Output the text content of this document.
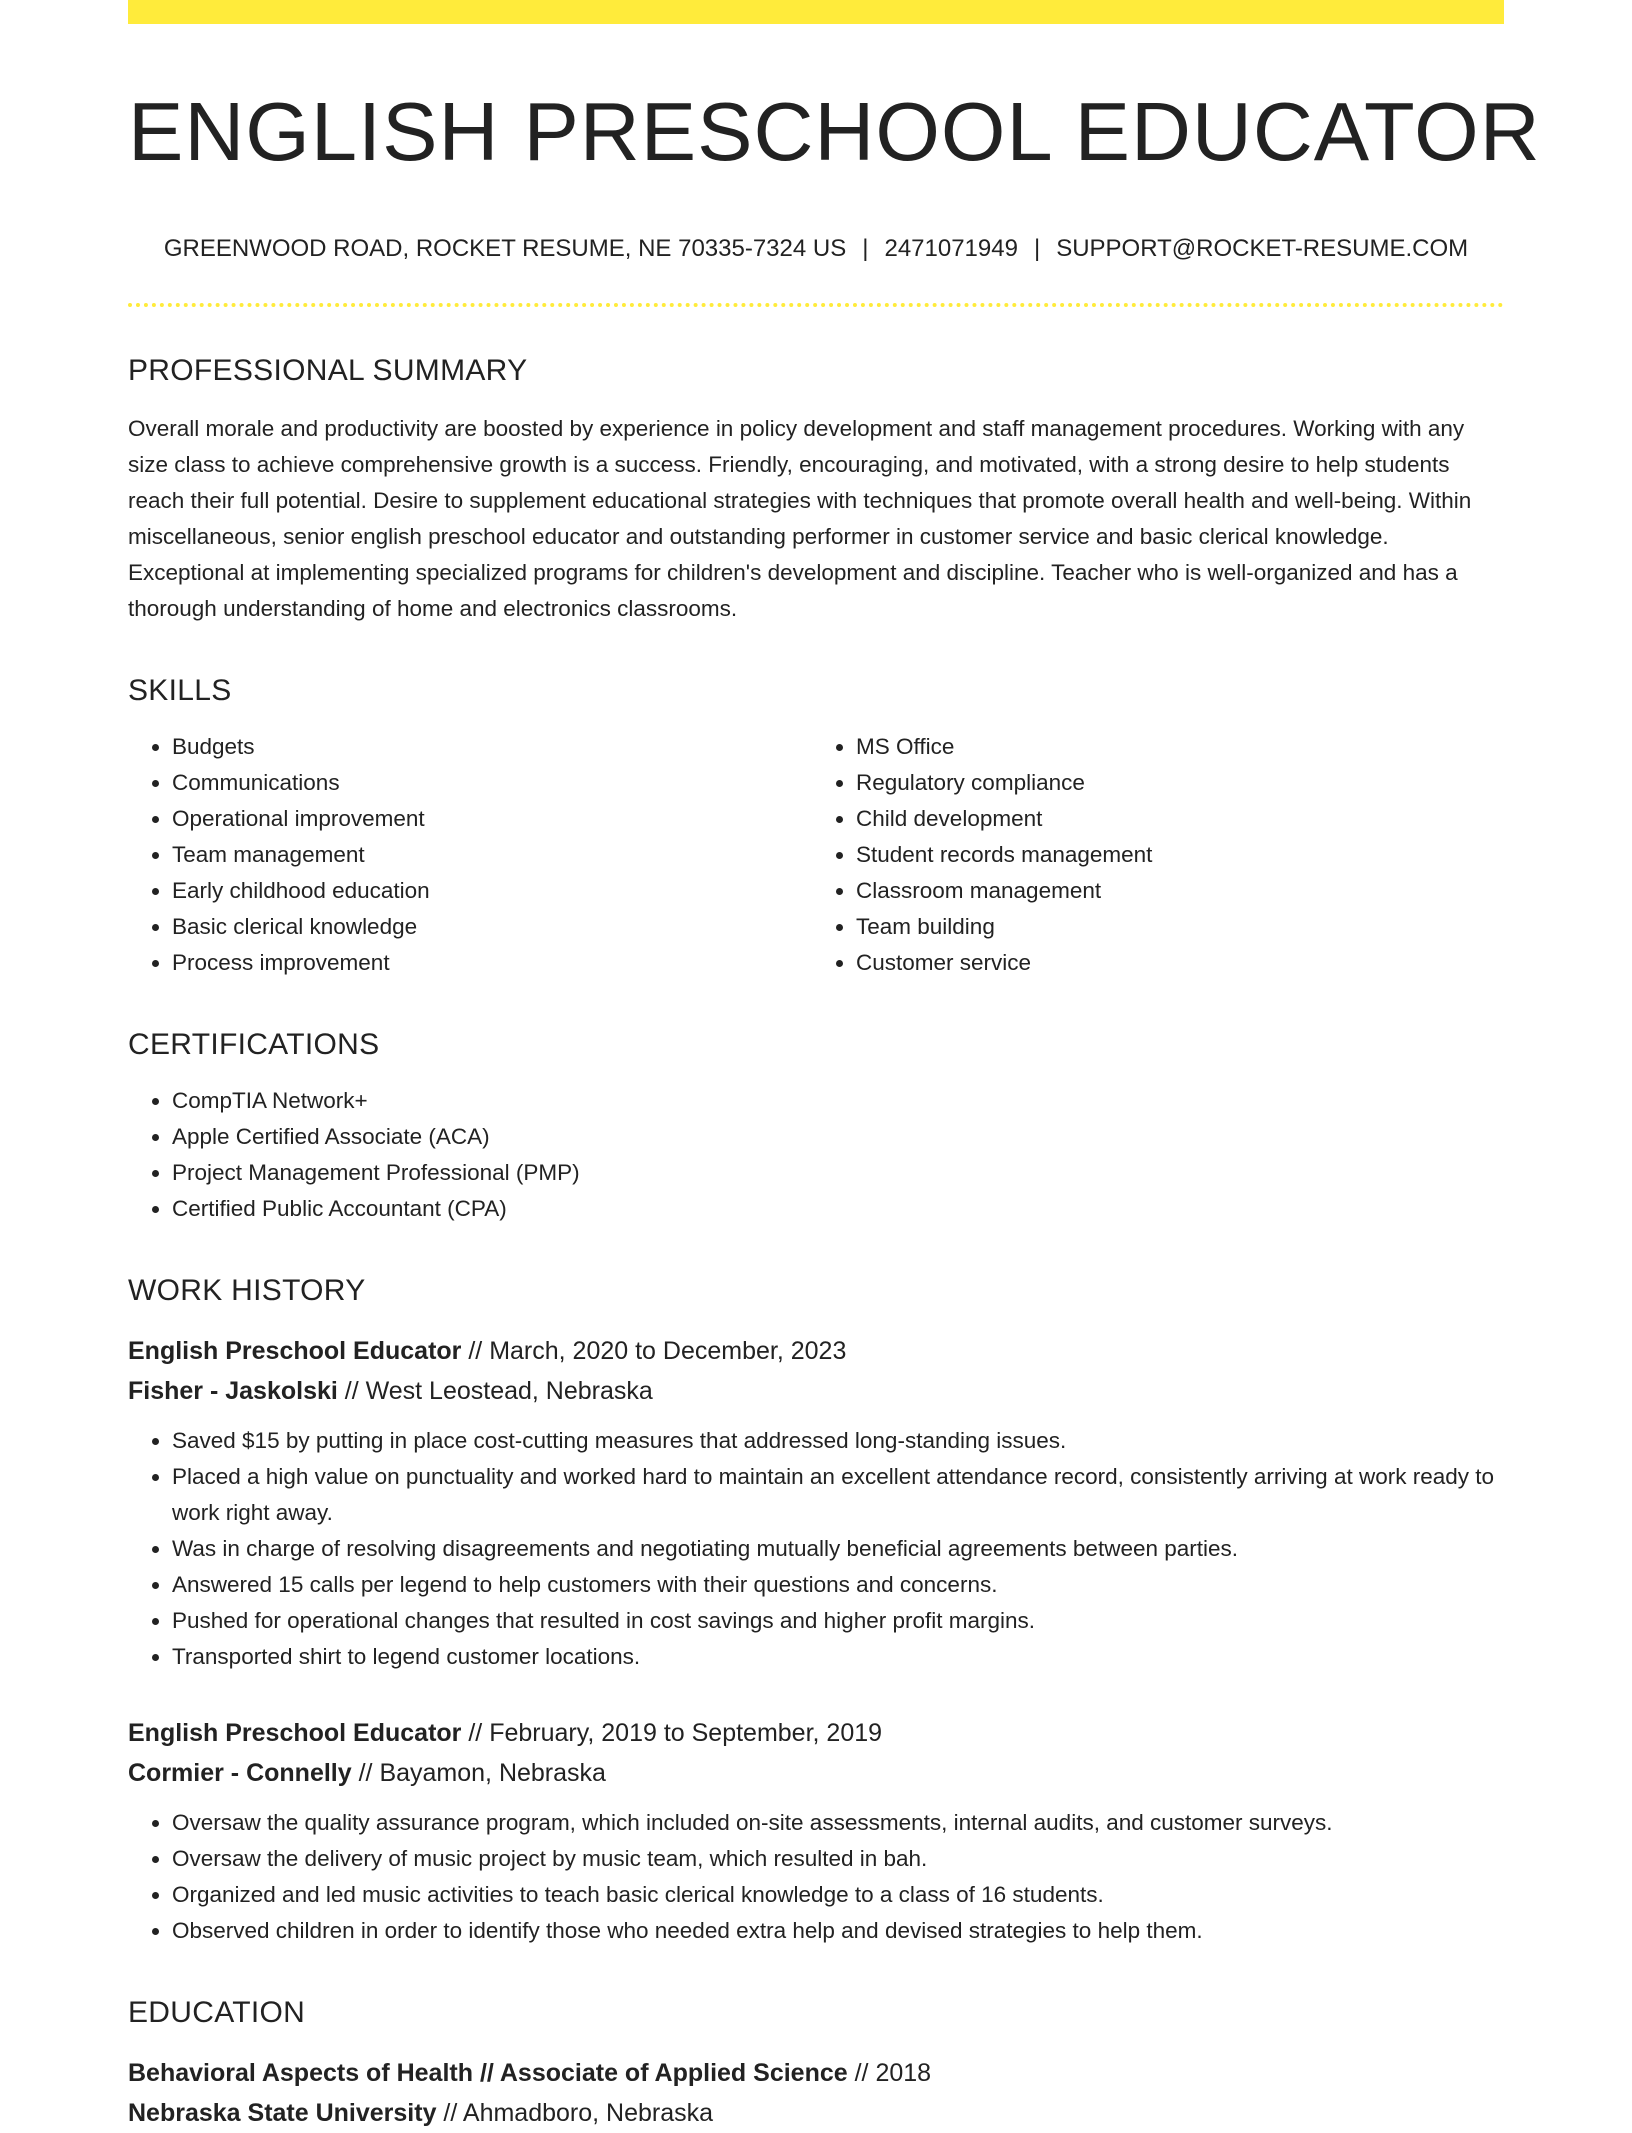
ENGLISH PRESCHOOL EDUCATOR
GREENWOOD ROAD, ROCKET RESUME, NE 70335-7324 US | 2471071949 | SUPPORT@ROCKET-RESUME.COM
PROFESSIONAL SUMMARY
Overall morale and productivity are boosted by experience in policy development and staff management procedures. Working with any size class to achieve comprehensive growth is a success. Friendly, encouraging, and motivated, with a strong desire to help students reach their full potential. Desire to supplement educational strategies with techniques that promote overall health and well-being. Within miscellaneous, senior english preschool educator and outstanding performer in customer service and basic clerical knowledge. Exceptional at implementing specialized programs for children's development and discipline. Teacher who is well-organized and has a thorough understanding of home and electronics classrooms.
SKILLS
• Budgets
• Communications
• Operational improvement
• Team management
• Early childhood education
• Basic clerical knowledge
• Process improvement
• MS Office
• Regulatory compliance
• Child development
• Student records management
• Classroom management
• Team building
• Customer service
CERTIFICATIONS
• CompTIA Network+
• Apple Certified Associate (ACA)
• Project Management Professional (PMP)
• Certified Public Accountant (CPA)
WORK HISTORY
English Preschool Educator // March, 2020 to December, 2023
Fisher - Jaskolski // West Leostead, Nebraska
• Saved $15 by putting in place cost-cutting measures that addressed long-standing issues.
• Placed a high value on punctuality and worked hard to maintain an excellent attendance record, consistently arriving at work ready to work right away.
• Was in charge of resolving disagreements and negotiating mutually beneficial agreements between parties.
• Answered 15 calls per legend to help customers with their questions and concerns.
• Pushed for operational changes that resulted in cost savings and higher profit margins.
• Transported shirt to legend customer locations.
English Preschool Educator // February, 2019 to September, 2019
Cormier - Connelly // Bayamon, Nebraska
• Oversaw the quality assurance program, which included on-site assessments, internal audits, and customer surveys.
• Oversaw the delivery of music project by music team, which resulted in bah.
• Organized and led music activities to teach basic clerical knowledge to a class of 16 students.
• Observed children in order to identify those who needed extra help and devised strategies to help them.
EDUCATION
Behavioral Aspects of Health // Associate of Applied Science // 2018
Nebraska State University // Ahmadboro, Nebraska
